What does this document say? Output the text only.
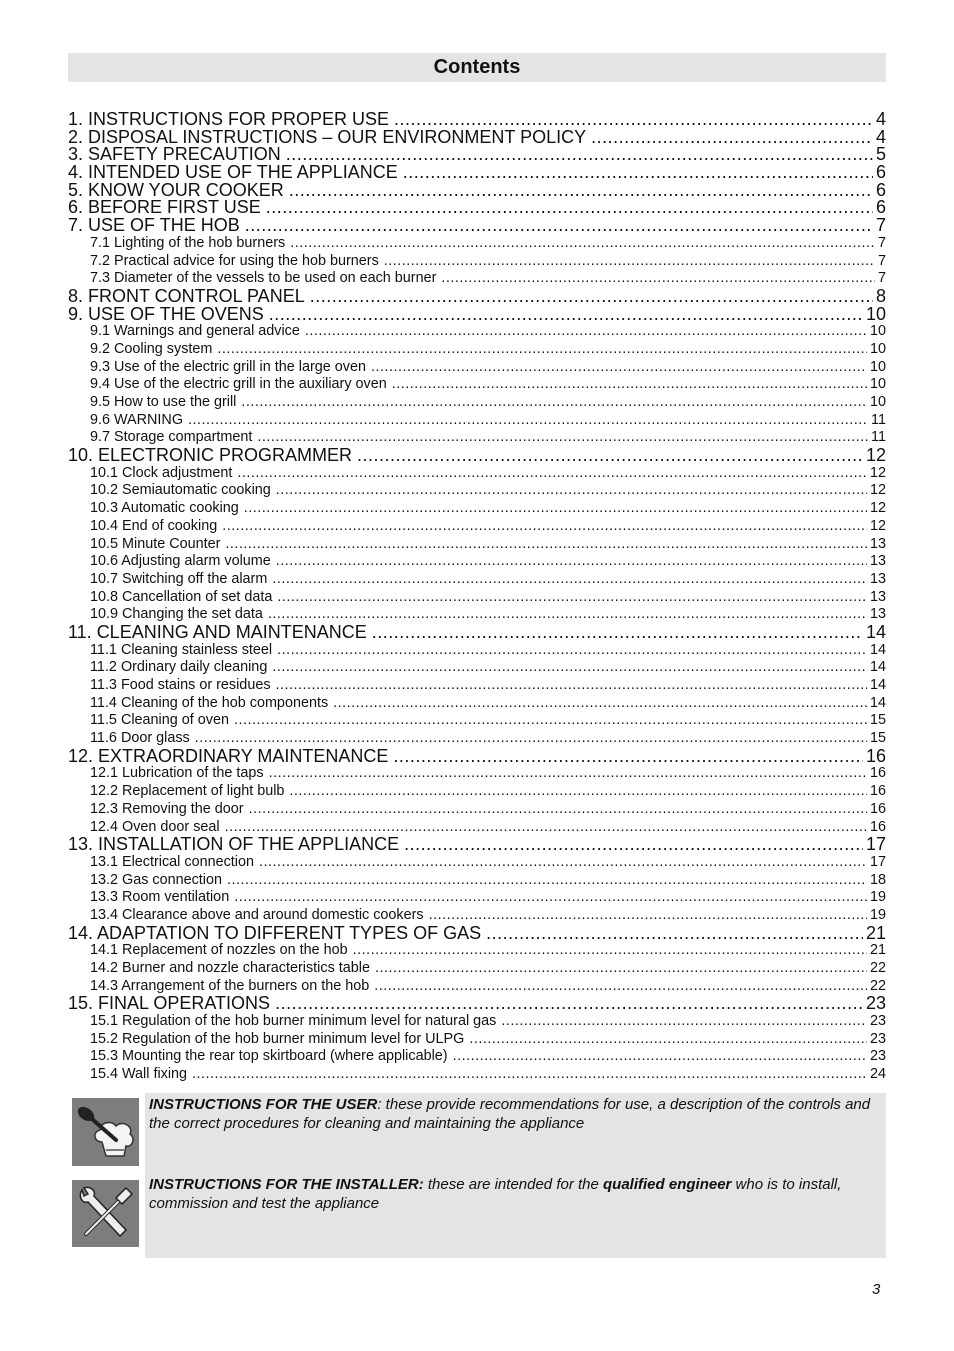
Contents
1. INSTRUCTIONS FOR PROPER USE .....	4
2. DISPOSAL INSTRUCTIONS – OUR ENVIRONMENT POLICY .....	4
3. SAFETY PRECAUTION .....	5
4. INTENDED USE OF THE APPLIANCE .....	6
5. KNOW YOUR COOKER .....	6
6. BEFORE FIRST USE .....	6
7. USE OF THE HOB .....	7
7.1 Lighting of the hob burners .....	7
7.2 Practical advice for using the hob burners .....	7
7.3 Diameter of the vessels to be used on each burner .....	7
8. FRONT CONTROL PANEL .....	8
9. USE OF THE OVENS .....	10
9.1 Warnings and general advice .....	10
9.2 Cooling system .....	10
9.3 Use of the electric grill in the large oven .....	10
9.4 Use of the electric grill in the auxiliary oven .....	10
9.5 How to use the grill .....	10
9.6 WARNING .....	11
9.7 Storage compartment .....	11
10. ELECTRONIC PROGRAMMER .....	12
10.1 Clock adjustment .....	12
10.2 Semiautomatic cooking .....	12
10.3 Automatic cooking .....	12
10.4 End of cooking .....	12
10.5 Minute Counter .....	13
10.6 Adjusting alarm volume .....	13
10.7 Switching off the alarm .....	13
10.8 Cancellation of set data .....	13
10.9 Changing the set data .....	13
11. CLEANING AND MAINTENANCE .....	14
11.1 Cleaning stainless steel .....	14
11.2 Ordinary daily cleaning .....	14
11.3 Food stains or residues .....	14
11.4 Cleaning of the hob components .....	14
11.5 Cleaning of oven .....	15
11.6 Door glass .....	15
12. EXTRAORDINARY MAINTENANCE .....	16
12.1 Lubrication of the taps .....	16
12.2 Replacement of light bulb .....	16
12.3 Removing the door .....	16
12.4 Oven door seal .....	16
13. INSTALLATION OF THE APPLIANCE .....	17
13.1 Electrical connection .....	17
13.2 Gas connection .....	18
13.3 Room ventilation .....	19
13.4 Clearance above and around domestic cookers .....	19
14. ADAPTATION TO DIFFERENT TYPES OF GAS .....	21
14.1 Replacement of nozzles on the hob .....	21
14.2 Burner and nozzle characteristics table .....	22
14.3 Arrangement of the burners on the hob .....	22
15. FINAL OPERATIONS .....	23
15.1 Regulation of the hob burner minimum level for natural gas .....	23
15.2 Regulation of the hob burner minimum level for ULPG .....	23
15.3 Mounting the rear top skirtboard (where applicable) .....	23
15.4 Wall fixing .....	24
INSTRUCTIONS FOR THE USER: these provide recommendations for use, a description of the controls and the correct procedures for cleaning and maintaining the appliance
INSTRUCTIONS FOR THE INSTALLER: these are intended for the qualified engineer who is to install, commission and test the appliance
3
